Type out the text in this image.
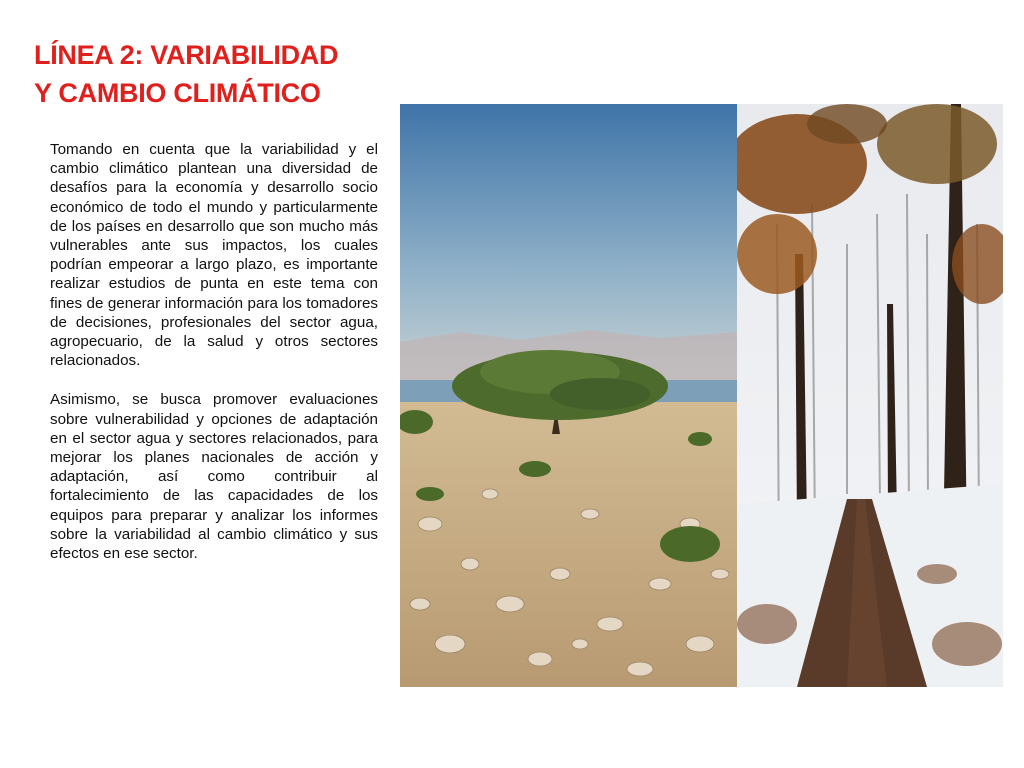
LÍNEA 2: VARIABILIDAD
Y CAMBIO CLIMÁTICO

Tomando en cuenta que la variabilidad y el cambio climático plantean una diversidad de desafíos para la economía y desarrollo socio económico de todo el mundo y particularmente de los países en desarrollo que son mucho más vulnerables ante sus impactos, los cuales podrían empeorar a largo plazo, es importante realizar estudios de punta en este tema con fines de generar información para los tomadores de decisiones, profesionales del sector agua, agropecuario, de la salud y otros sectores relacionados.

Asimismo, se busca promover evaluaciones sobre vulnerabilidad y opciones de adaptación en el sector agua y sectores relacionados, para mejorar los planes nacionales de acción y adaptación, así como contribuir al fortalecimiento de las capacidades de los equipos para preparar y analizar los informes sobre la variabilidad al cambio climático y sus efectos en ese sector.
